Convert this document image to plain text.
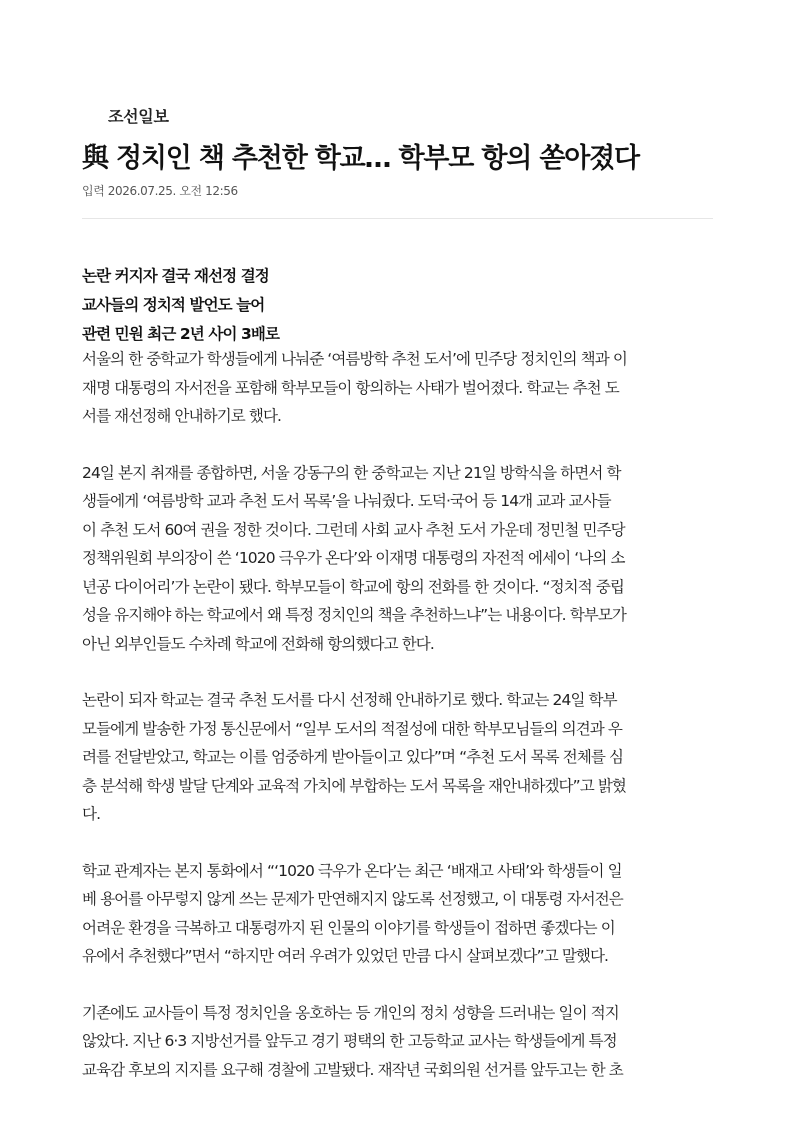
조선일보
與 정치인 책 추천한 학교… 학부모 항의 쏟아졌다
입력 2026.07.25. 오전 12:56
논란 커지자 결국 재선정 결정
교사들의 정치적 발언도 늘어
관련 민원 최근 2년 사이 3배로

서울의 한 중학교가 학생들에게 나눠준 ‘여름방학 추천 도서’에 민주당 정치인의 책과 이
재명 대통령의 자서전을 포함해 학부모들이 항의하는 사태가 벌어졌다. 학교는 추천 도
서를 재선정해 안내하기로 했다.

24일 본지 취재를 종합하면, 서울 강동구의 한 중학교는 지난 21일 방학식을 하면서 학
생들에게 ‘여름방학 교과 추천 도서 목록’을 나눠줬다. 도덕·국어 등 14개 교과 교사들
이 추천 도서 60여 권을 정한 것이다. 그런데 사회 교사 추천 도서 가운데 정민철 민주당
정책위원회 부의장이 쓴 ‘1020 극우가 온다’와 이재명 대통령의 자전적 에세이 ‘나의 소
년공 다이어리’가 논란이 됐다. 학부모들이 학교에 항의 전화를 한 것이다. “정치적 중립
성을 유지해야 하는 학교에서 왜 특정 정치인의 책을 추천하느냐”는 내용이다. 학부모가
아닌 외부인들도 수차례 학교에 전화해 항의했다고 한다.

논란이 되자 학교는 결국 추천 도서를 다시 선정해 안내하기로 했다. 학교는 24일 학부
모들에게 발송한 가정 통신문에서 “일부 도서의 적절성에 대한 학부모님들의 의견과 우
려를 전달받았고, 학교는 이를 엄중하게 받아들이고 있다”며 “추천 도서 목록 전체를 심
층 분석해 학생 발달 단계와 교육적 가치에 부합하는 도서 목록을 재안내하겠다”고 밝혔
다.

학교 관계자는 본지 통화에서 “‘1020 극우가 온다’는 최근 ‘배재고 사태’와 학생들이 일
베 용어를 아무렇지 않게 쓰는 문제가 만연해지지 않도록 선정했고, 이 대통령 자서전은
어려운 환경을 극복하고 대통령까지 된 인물의 이야기를 학생들이 접하면 좋겠다는 이
유에서 추천했다”면서 “하지만 여러 우려가 있었던 만큼 다시 살펴보겠다”고 말했다.

기존에도 교사들이 특정 정치인을 옹호하는 등 개인의 정치 성향을 드러내는 일이 적지
않았다. 지난 6·3 지방선거를 앞두고 경기 평택의 한 고등학교 교사는 학생들에게 특정
교육감 후보의 지지를 요구해 경찰에 고발됐다. 재작년 국회의원 선거를 앞두고는 한 초
